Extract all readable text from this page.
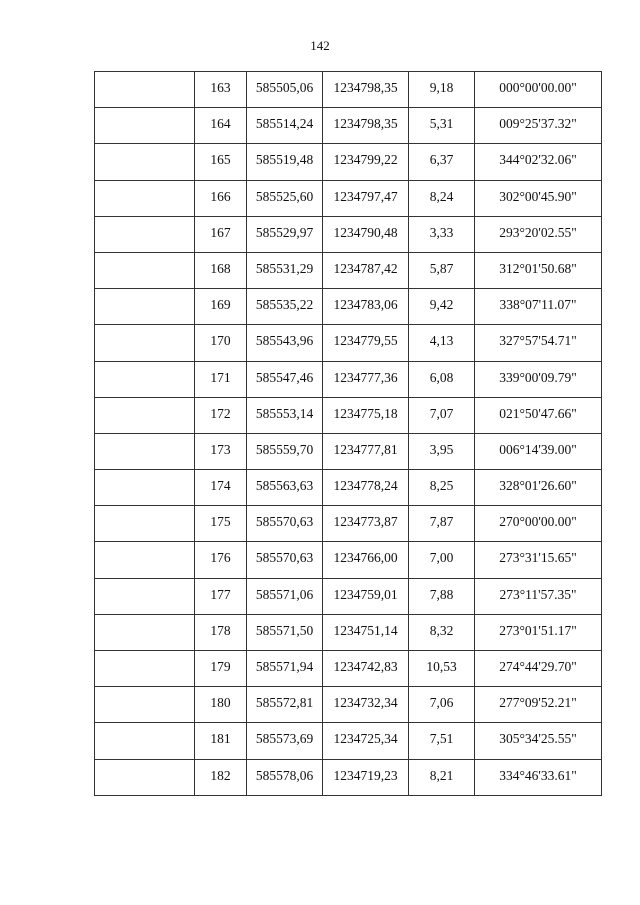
142
	163	585505,06	1234798,35	9,18	000°00'00.00"
	164	585514,24	1234798,35	5,31	009°25'37.32"
	165	585519,48	1234799,22	6,37	344°02'32.06"
	166	585525,60	1234797,47	8,24	302°00'45.90"
	167	585529,97	1234790,48	3,33	293°20'02.55"
	168	585531,29	1234787,42	5,87	312°01'50.68"
	169	585535,22	1234783,06	9,42	338°07'11.07"
	170	585543,96	1234779,55	4,13	327°57'54.71"
	171	585547,46	1234777,36	6,08	339°00'09.79"
	172	585553,14	1234775,18	7,07	021°50'47.66"
	173	585559,70	1234777,81	3,95	006°14'39.00"
	174	585563,63	1234778,24	8,25	328°01'26.60"
	175	585570,63	1234773,87	7,87	270°00'00.00"
	176	585570,63	1234766,00	7,00	273°31'15.65"
	177	585571,06	1234759,01	7,88	273°11'57.35"
	178	585571,50	1234751,14	8,32	273°01'51.17"
	179	585571,94	1234742,83	10,53	274°44'29.70"
	180	585572,81	1234732,34	7,06	277°09'52.21"
	181	585573,69	1234725,34	7,51	305°34'25.55"
	182	585578,06	1234719,23	8,21	334°46'33.61"
